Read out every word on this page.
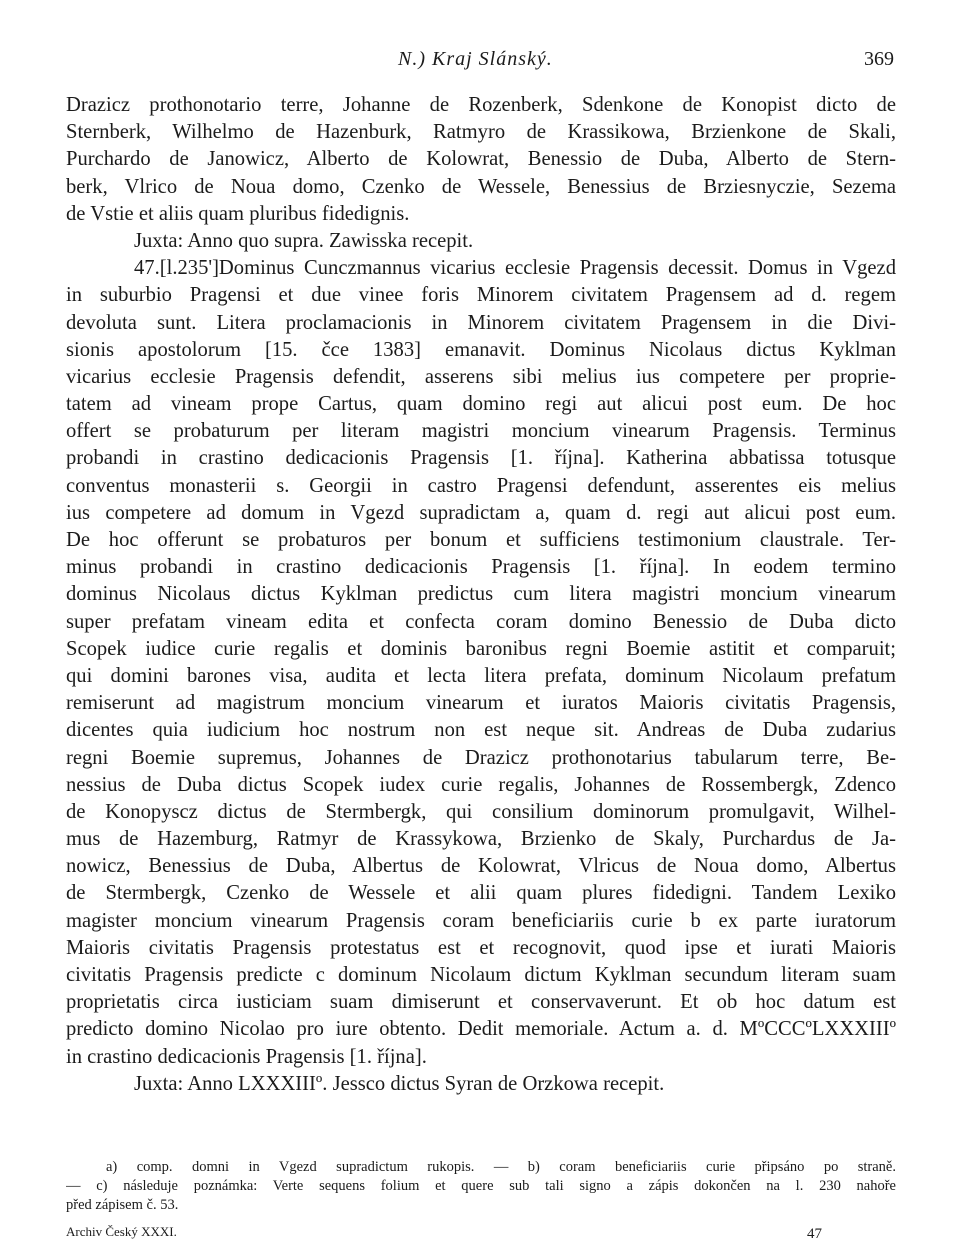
N.) Kraj Slánský.	369
Drazicz prothonotario terre, Johanne de Rozenberk, Sdenkone de Konopist dicto de
Sternberk, Wilhelmo de Hazenburk, Ratmyro de Krassikowa, Brzienkone de Skali,
Purchardo de Janowicz, Alberto de Kolowrat, Benessio de Duba, Alberto de Stern-
berk, Vlrico de Noua domo, Czenko de Wessele, Benessius de Brziesnyczie, Sezema
de Vstie et aliis quam pluribus fidedignis.
Juxta: Anno quo supra. Zawisska recepit.
47.[l.235']Dominus Cunczmannus vicarius ecclesie Pragensis decessit. Domus in Vgezd
in suburbio Pragensi et due vinee foris Minorem civitatem Pragensem ad d. regem
devoluta sunt. Litera proclamacionis in Minorem civitatem Pragensem in die Divi-
sionis apostolorum [15. čce 1383] emanavit. Dominus Nicolaus dictus Kyklman
vicarius ecclesie Pragensis defendit, asserens sibi melius ius competere per proprie-
tatem ad vineam prope Cartus, quam domino regi aut alicui post eum. De hoc
offert se probaturum per literam magistri moncium vinearum Pragensis. Terminus
probandi in crastino dedicacionis Pragensis [1. října]. Katherina abbatissa totusque
conventus monasterii s. Georgii in castro Pragensi defendunt, asserentes eis melius
ius competere ad domum in Vgezd supradictam a, quam d. regi aut alicui post eum.
De hoc offerunt se probaturos per bonum et sufficiens testimonium claustrale. Ter-
minus probandi in crastino dedicacionis Pragensis [1. října]. In eodem termino
dominus Nicolaus dictus Kyklman predictus cum litera magistri moncium vinearum
super prefatam vineam edita et confecta coram domino Benessio de Duba dicto
Scopek iudice curie regalis et dominis baronibus regni Boemie astitit et comparuit;
qui domini barones visa, audita et lecta litera prefata, dominum Nicolaum prefatum
remiserunt ad magistrum moncium vinearum et iuratos Maioris civitatis Pragensis,
dicentes quia iudicium hoc nostrum non est neque sit. Andreas de Duba zudarius
regni Boemie supremus, Johannes de Drazicz prothonotarius tabularum terre, Be-
nessius de Duba dictus Scopek iudex curie regalis, Johannes de Rossembergk, Zdenco
de Konopyscz dictus de Stermbergk, qui consilium dominorum promulgavit, Wilhel-
mus de Hazemburg, Ratmyr de Krassykowa, Brzienko de Skaly, Purchardus de Ja-
nowicz, Benessius de Duba, Albertus de Kolowrat, Vlricus de Noua domo, Albertus
de Stermbergk, Czenko de Wessele et alii quam plures fidedigni. Tandem Lexiko
magister moncium vinearum Pragensis coram beneficiariis curie b ex parte iuratorum
Maioris civitatis Pragensis protestatus est et recognovit, quod ipse et iurati Maioris
civitatis Pragensis predicte c dominum Nicolaum dictum Kyklman secundum literam suam
proprietatis circa iusticiam suam dimiserunt et conservaverunt. Et ob hoc datum est
predicto domino Nicolao pro iure obtento. Dedit memoriale. Actum a. d. MºCCCºLXXXIIIº
in crastino dedicacionis Pragensis [1. října].
Juxta: Anno LXXXIIIº. Jessco dictus Syran de Orzkowa recepit.
a) comp. domni in Vgezd supradictum rukopis. — b) coram beneficiariis curie připsáno po straně.
— c) následuje poznámka: Verte sequens folium et quere sub tali signo a zápis dokončen na l. 230 nahoře
před zápisem č. 53.
Archiv Český XXXI.	47
